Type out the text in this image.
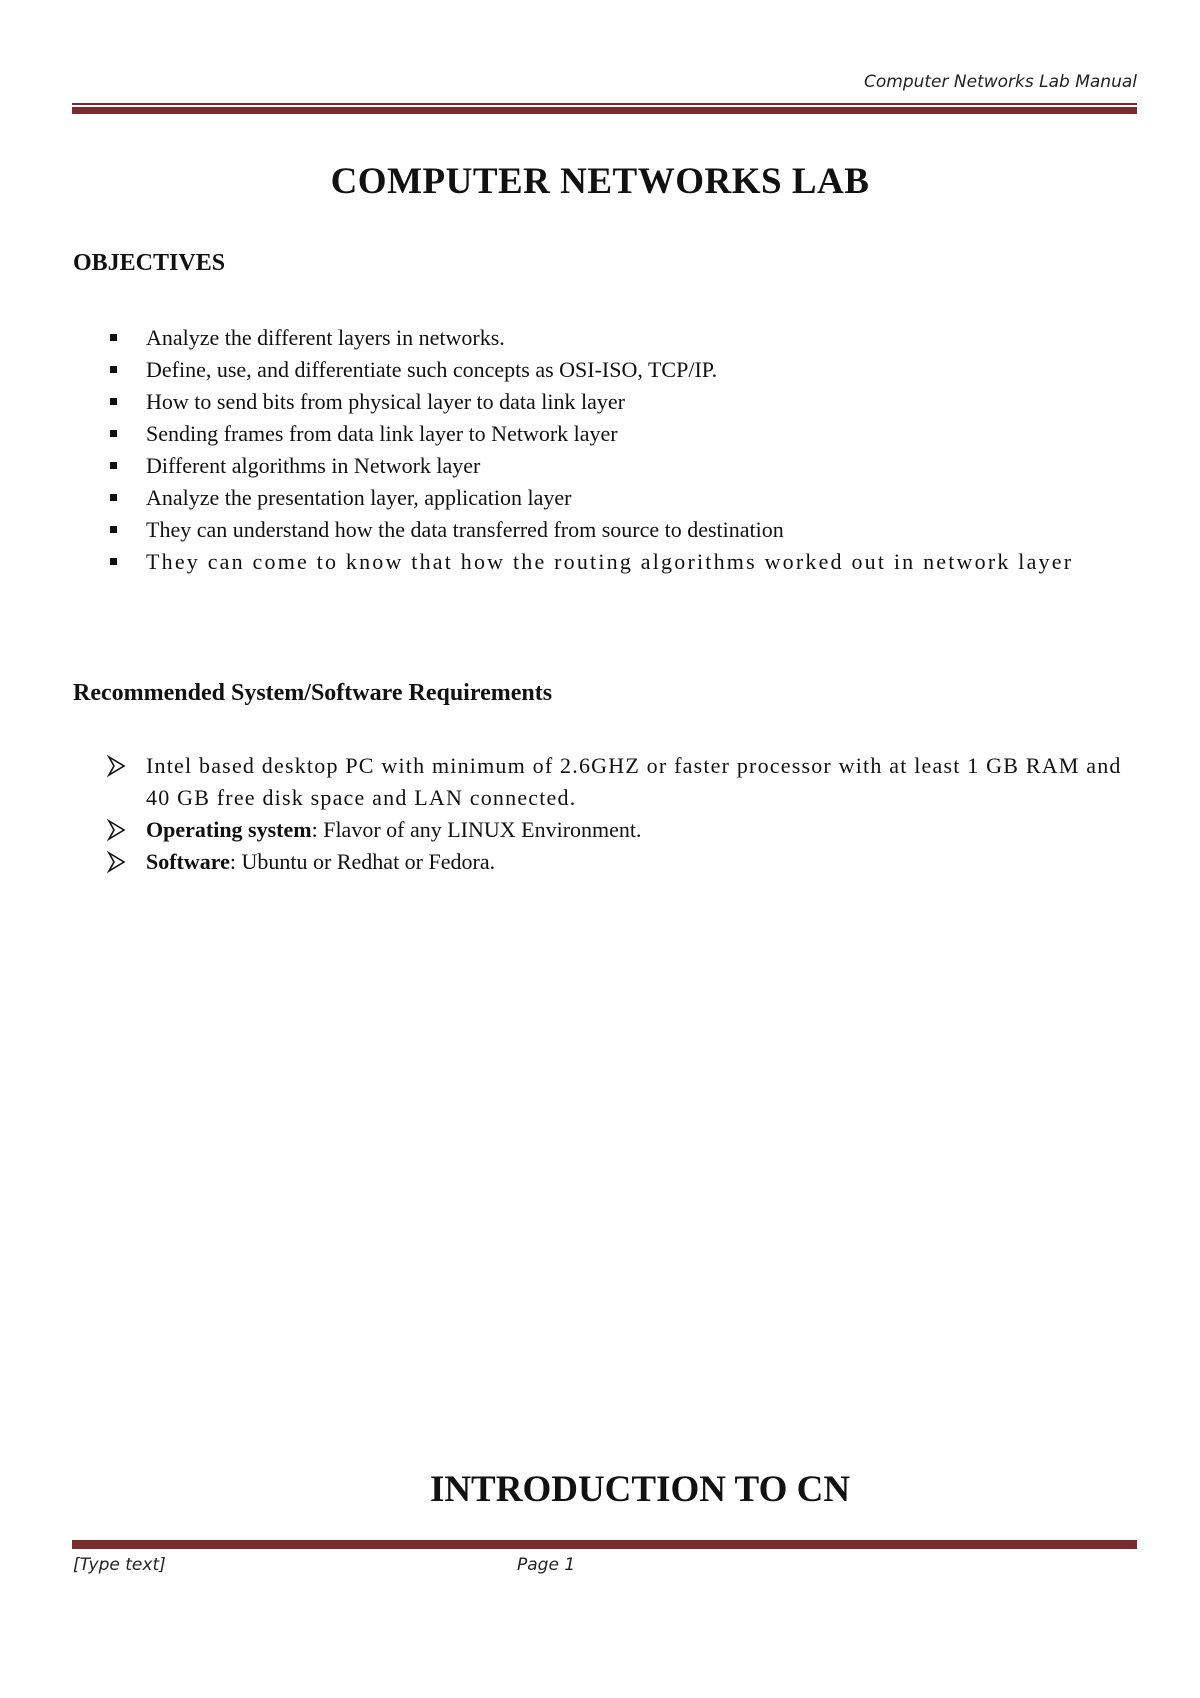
Computer Networks Lab Manual
COMPUTER NETWORKS LAB
OBJECTIVES
Analyze the different layers in networks.
Define, use, and differentiate such concepts as OSI-ISO, TCP/IP.
How to send bits from physical layer to data link layer
Sending frames from data link layer to Network layer
Different algorithms in Network layer
Analyze the presentation layer, application layer
They can understand how the data transferred from source to destination
They can come to know that how the routing algorithms worked out in network layer
Recommended System/Software Requirements
Intel based desktop PC with minimum of 2.6GHZ or faster processor with at least 1 GB RAM and 40 GB free disk space and LAN connected.
Operating system: Flavor of any LINUX Environment.
Software: Ubuntu or Redhat or Fedora.
INTRODUCTION TO CN
[Type text]	Page 1
